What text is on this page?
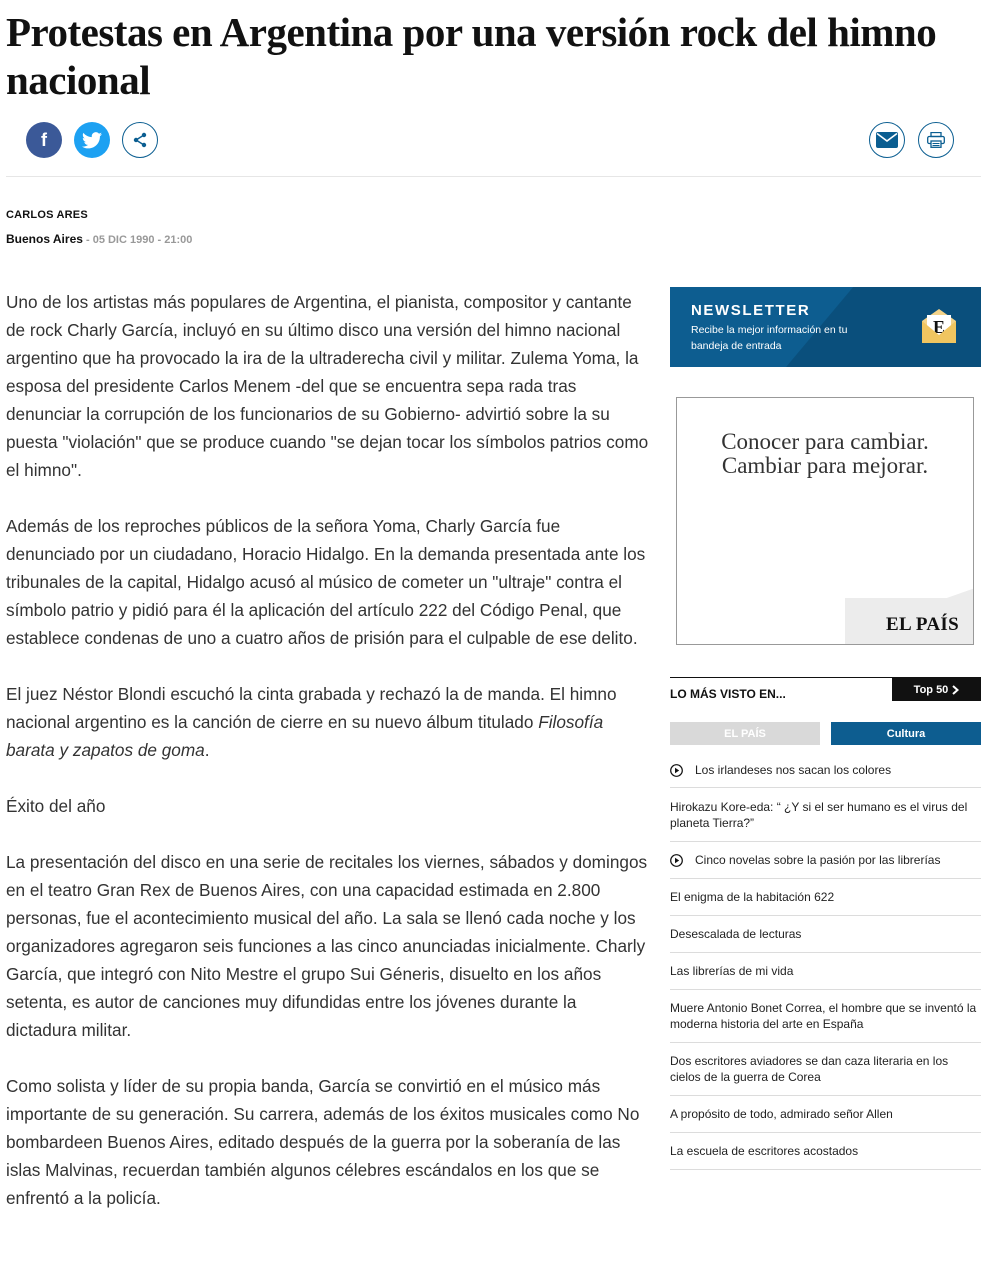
Protestas en Argentina por una versión rock del himno nacional
f
CARLOS ARES
Buenos Aires - 05 DIC 1990 - 21:00

Uno de los artistas más populares de Argentina, el pianista, compositor y cantante de rock Charly García, incluyó en su último disco una versión del himno nacional argentino que ha provocado la ira de la ultraderecha civil y militar. Zulema Yoma, la esposa del presidente Carlos Menem -del que se encuentra sepa rada tras denunciar la corrupción de los funcionarios de su Gobierno- advirtió sobre la su puesta "violación" que se produce cuando "se dejan tocar los símbolos patrios como el himno".

Además de los reproches públicos de la señora Yoma, Charly García fue denunciado por un ciudadano, Horacio Hidalgo. En la demanda presentada ante los tribunales de la capital, Hidalgo acusó al músico de cometer un "ultraje" contra el símbolo patrio y pidió para él la aplicación del artículo 222 del Código Penal, que establece condenas de uno a cuatro años de prisión para el culpable de ese delito.

El juez Néstor Blondi escuchó la cinta grabada y rechazó la de manda. El himno nacional argentino es la canción de cierre en su nuevo álbum titulado Filosofía barata y zapatos de goma.

Éxito del año

La presentación del disco en una serie de recitales los viernes, sábados y domingos en el teatro Gran Rex de Buenos Aires, con una capacidad estimada en 2.800 personas, fue el acontecimiento musical del año. La sala se llenó cada noche y los organizadores agregaron seis funciones a las cinco anunciadas inicialmente. Charly García, que integró con Nito Mestre el grupo Sui Géneris, disuelto en los años setenta, es autor de canciones muy difundidas entre los jóvenes durante la dictadura militar.

Como solista y líder de su propia banda, García se convirtió en el músico más importante de su generación. Su carrera, además de los éxitos musicales como No bombardeen Buenos Aires, editado después de la guerra por la soberanía de las islas Malvinas, recuerdan también algunos célebres escándalos en los que se enfrentó a la policía.

NEWSLETTER
Recibe la mejor información en tu bandeja de entrada
E
Conocer para cambiar.
Cambiar para mejorar.
EL PAÍS
LO MÁS VISTO EN...	Top 50
EL PAÍS	Cultura
Los irlandeses nos sacan los colores
Hirokazu Kore-eda: “ ¿Y si el ser humano es el virus del planeta Tierra?”
Cinco novelas sobre la pasión por las librerías
El enigma de la habitación 622
Desescalada de lecturas
Las librerías de mi vida
Muere Antonio Bonet Correa, el hombre que se inventó la moderna historia del arte en España
Dos escritores aviadores se dan caza literaria en los cielos de la guerra de Corea
A propósito de todo, admirado señor Allen
La escuela de escritores acostados
